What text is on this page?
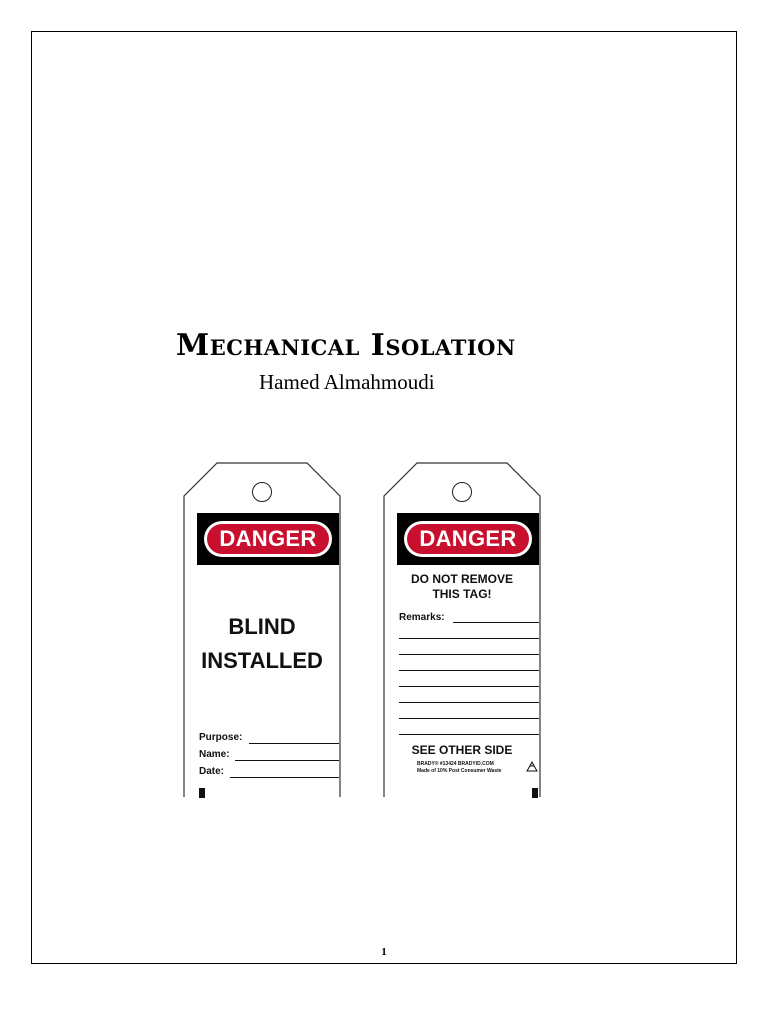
Mechanical Isolation
Hamed Almahmoudi
DANGER
BLIND
INSTALLED
Purpose:
Name:
Date:
DANGER
DO NOT REMOVE
THIS TAG!
Remarks:
SEE OTHER SIDE
BRADY® #13424 BRADYID.COM
Made of 10% Post Consumer Waste
1
